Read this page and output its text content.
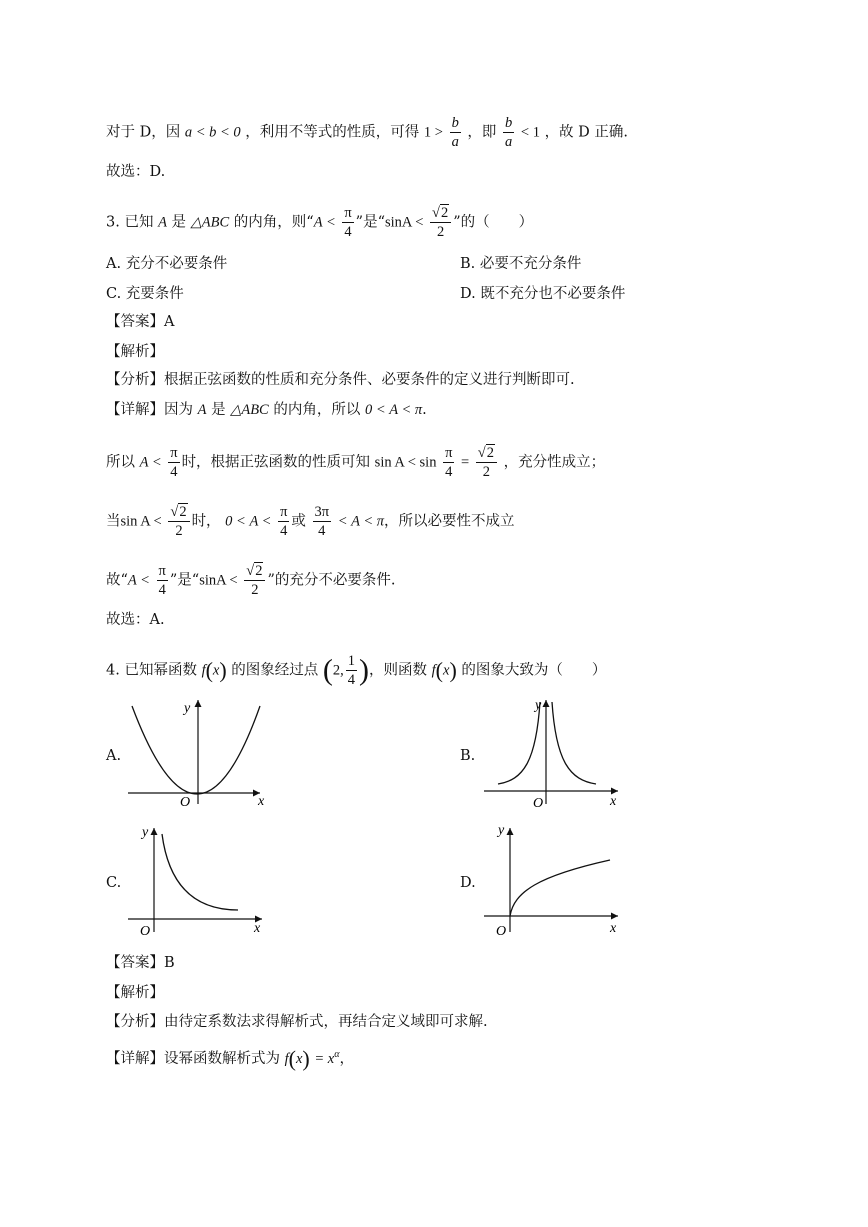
对于 D，因 a < b < 0 ，利用不等式的性质，可得 $1 > \frac{b}{a}$ ，即 $\frac{b}{a} < 1$ ，故 D 正确.
故选：D.
3. 已知 A 是 △ABC 的内角，则“$A < \frac{\pi}{4}$ ”是“$\sin A < \frac{√2}{2}$ ”的（　　）
A. 充分不必要条件	B. 必要不充分条件
C. 充要条件	D. 既不充分也不必要条件
【答案】A
【解析】
【分析】根据正弦函数的性质和充分条件、必要条件的定义进行判断即可.
【详解】因为 A 是 △ABC 的内角，所以 0 < A < π.
所以 $A < \frac{\pi}{4}$ 时，根据正弦函数的性质可知 $\sin A < \sin \frac{\pi}{4} = \frac{√2}{2}$ ，充分性成立；
当$\sin A < \frac{√2}{2}$ 时， $0 < A < \frac{\pi}{4}$ 或 $\frac{3\pi}{4} < A < \pi$，所以必要性不成立
故“$A < \frac{\pi}{4}$ ”是“$\sin A < \frac{√2}{2}$ ”的充分不必要条件.
故选：A.
4. 已知幂函数 f(x) 的图象经过点 (2, $\frac{1}{4}$ )，则函数 f(x) 的图象大致为（　　）
A.	B.
C.	D.
y
x
O
y
x
O
y
x
O
y
x
O
【答案】B
【解析】
【分析】由待定系数法求得解析式，再结合定义域即可求解.
【详解】设幂函数解析式为 $f(x) = x^\alpha$，
